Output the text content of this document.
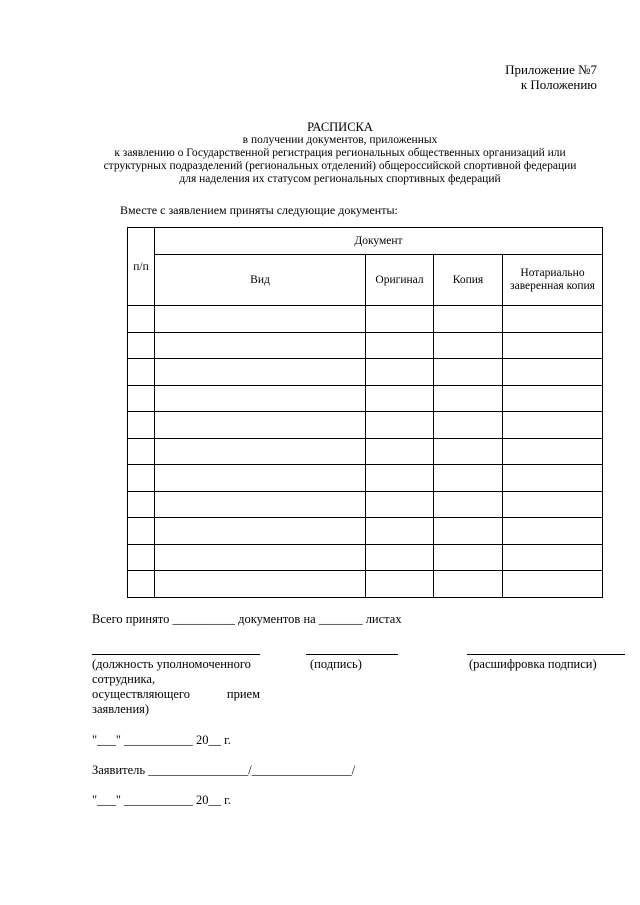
Приложение №7
к Положению
РАСПИСКА
в получении документов, приложенных
к заявлению о Государственной регистрация региональных общественных организаций или
структурных подразделений (региональных отделений) общероссийской спортивной федерации
для наделения их статусом региональных спортивных федераций
Вместе с заявлением приняты следующие документы:
п/п	Документ			
	Вид	Оригинал	Копия	Нотариально заверенная копия

Всего принято __________ документов на _______ листах
(должность уполномоченного
сотрудника,
осуществляющего	прием
заявления)
(подпись)	(расшифровка подписи)
"___" ___________ 20__ г.
Заявитель ________________/________________/
"___" ___________ 20__ г.
